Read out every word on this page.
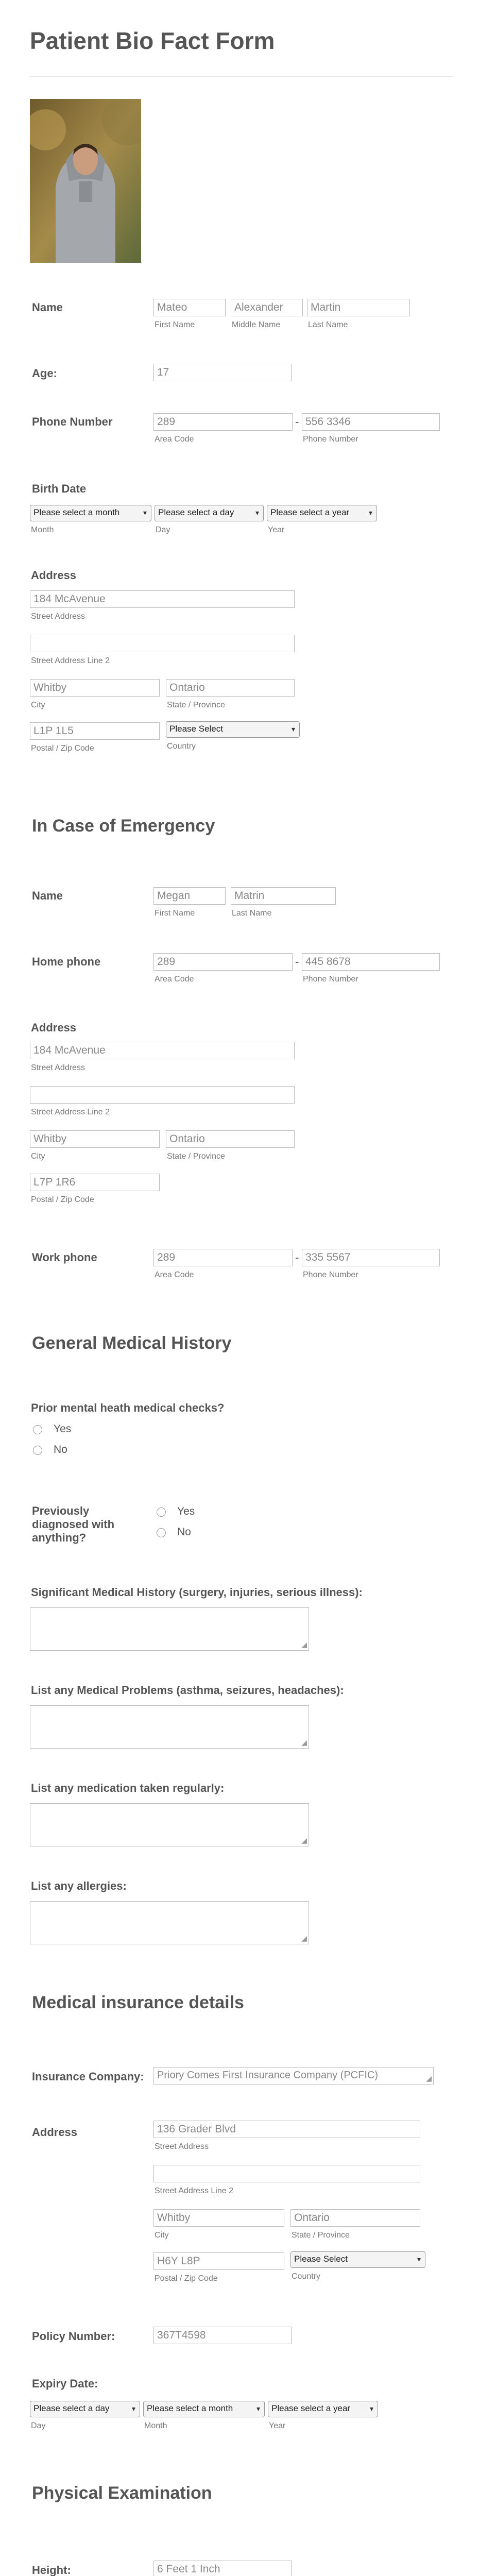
Patient Bio Fact Form
Name	Mateo	Alexander	Martin
First Name	Middle Name	Last Name
Age:	17
Phone Number	289	- 556 3346
Area Code	Phone Number
Birth Date
Please select a month	▾	Please select a day	▾	Please select a year	▾
Month	Day	Year
Address
184 McAvenue
Street Address
Street Address Line 2
Whitby	Ontario
City	State / Province
L1P 1L5	Please Select	▾
Postal / Zip Code	Country
In Case of Emergency
Name	Megan	Matrin
First Name	Last Name
Home phone	289	- 445 8678
Area Code	Phone Number
Address
184 McAvenue
Street Address
Street Address Line 2
Whitby	Ontario
City	State / Province
L7P 1R6
Postal / Zip Code
Work phone	289	- 335 5567
Area Code	Phone Number
General Medical History
Prior mental heath medical checks?
Yes
No
Previously
diagnosed with
anything?
Yes
No
Significant Medical History (surgery, injuries, serious illness):
◢
List any Medical Problems (asthma, seizures, headaches):
◢
List any medication taken regularly:
◢
List any allergies:
◢
Medical insurance details
Insurance Company:	Priory Comes First Insurance Company (PCFIC)	◢
Address	136 Grader Blvd
Street Address
Street Address Line 2
Whitby	Ontario
City	State / Province
H6Y L8P	Please Select	▾
Postal / Zip Code	Country
Policy Number:	367T4598
Expiry Date:
Please select a day	▾	Please select a month	▾	Please select a year	▾
Day	Month	Year
Physical Examination
Height:	6 Feet 1 Inch
